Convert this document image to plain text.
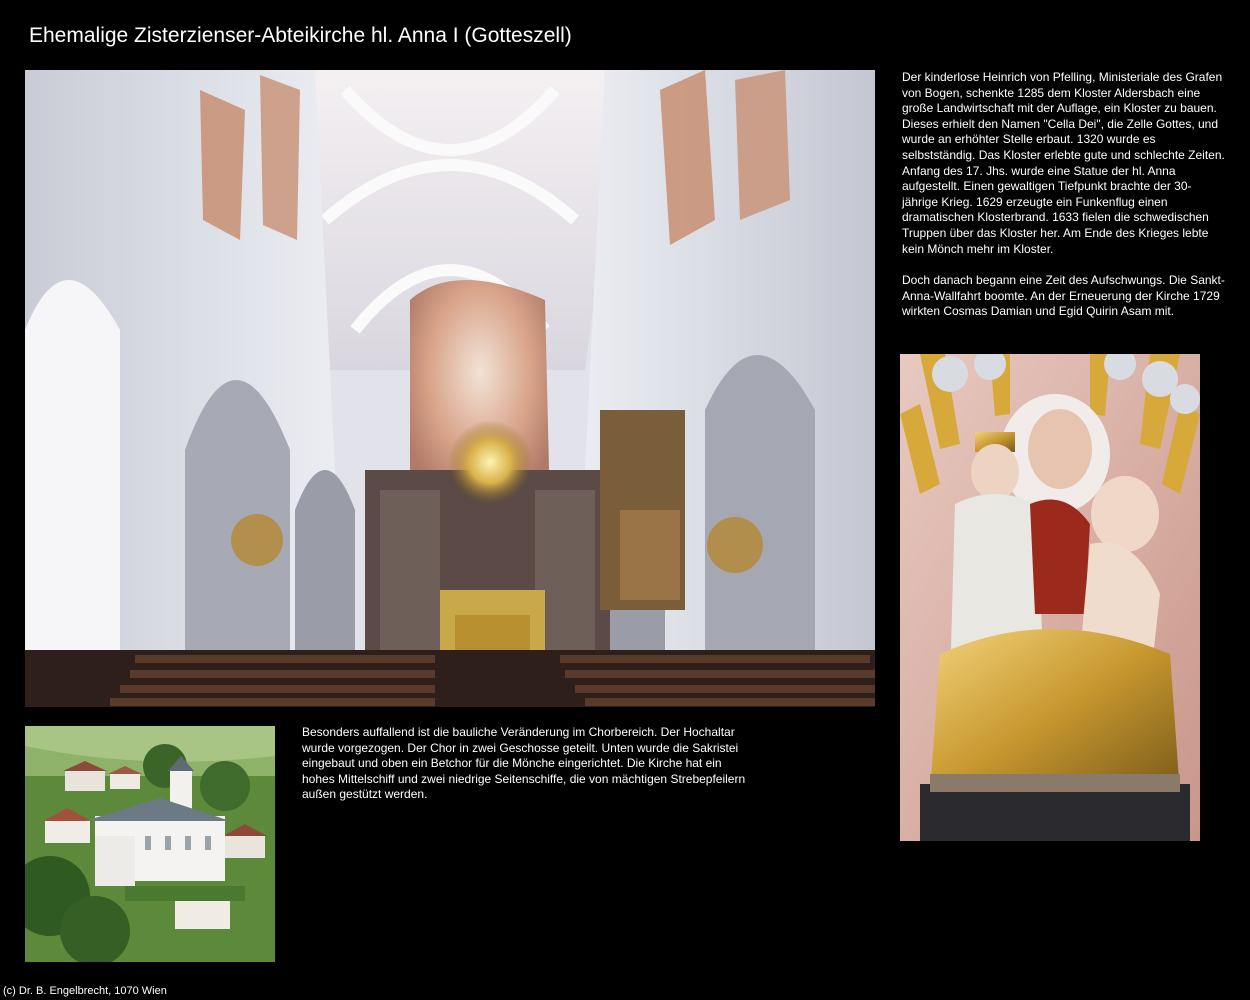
Ehemalige Zisterzienser-Abteikirche hl. Anna I (Gotteszell)

Der kinderlose Heinrich von Pfelling, Ministeriale des Grafen von Bogen, schenkte 1285 dem Kloster Aldersbach eine große Landwirtschaft mit der Auflage, ein Kloster zu bauen. Dieses erhielt den Namen "Cella Dei", die Zelle Gottes, und wurde an erhöhter Stelle erbaut. 1320 wurde es selbstständig. Das Kloster erlebte gute und schlechte Zeiten. Anfang des 17. Jhs. wurde eine Statue der hl. Anna aufgestellt. Einen gewaltigen Tiefpunkt brachte der 30-jährige Krieg. 1629 erzeugte ein Funkenflug einen dramatischen Klosterbrand. 1633 fielen die schwedischen Truppen über das Kloster her. Am Ende des Krieges lebte kein Mönch mehr im Kloster.

Doch danach begann eine Zeit des Aufschwungs. Die Sankt-Anna-Wallfahrt boomte. An der Erneuerung der Kirche 1729 wirkten Cosmas Damian und Egid Quirin Asam mit.

Besonders auffallend ist die bauliche Veränderung im Chorbereich. Der Hochaltar wurde vorgezogen. Der Chor in zwei Geschosse geteilt. Unten wurde die Sakristei eingebaut und oben ein Betchor für die Mönche eingerichtet. Die Kirche hat ein hohes Mittelschiff und zwei niedrige Seitenschiffe, die von mächtigen Strebepfeilern außen gestützt werden.

(c) Dr. B. Engelbrecht, 1070 Wien
